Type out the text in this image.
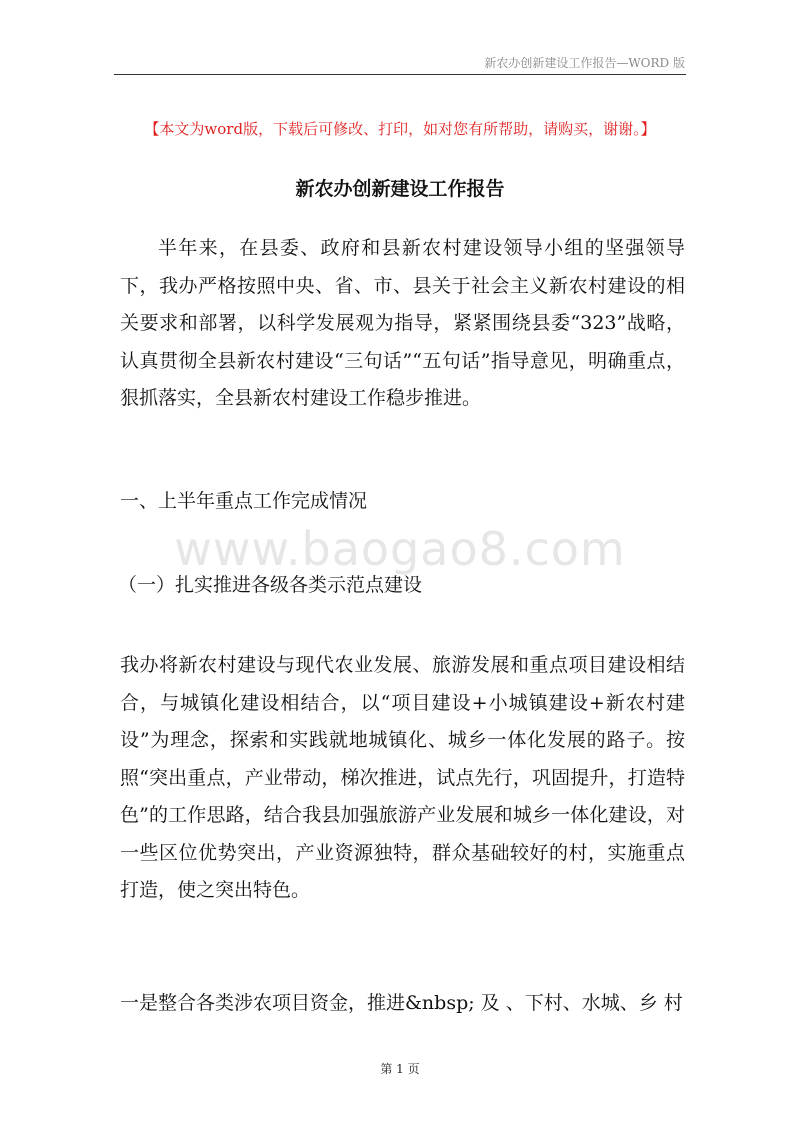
新农办创新建设工作报告—WORD 版
【本文为word版，下载后可修改、打印，如对您有所帮助，请购买，谢谢。】
新农办创新建设工作报告
半年来，在县委、政府和县新农村建设领导小组的坚强领导下，我办严格按照中央、省、市、县关于社会主义新农村建设的相关要求和部署，以科学发展观为指导，紧紧围绕县委“323”战略，认真贯彻全县新农村建设“三句话”“五句话”指导意见，明确重点，狠抓落实，全县新农村建设工作稳步推进。
一、上半年重点工作完成情况
www.baogao8.com
（一）扎实推进各级各类示范点建设
我办将新农村建设与现代农业发展、旅游发展和重点项目建设相结合，与城镇化建设相结合，以“项目建设+小城镇建设+新农村建设”为理念，探索和实践就地城镇化、城乡一体化发展的路子。按照“突出重点，产业带动，梯次推进，试点先行，巩固提升，打造特色”的工作思路，结合我县加强旅游产业发展和城乡一体化建设，对一些区位优势突出，产业资源独特，群众基础较好的村，实施重点打造，使之突出特色。
一是整合各类涉农项目资金，推进&nbsp; 及 、下村、水城、乡 村
第 1 页
